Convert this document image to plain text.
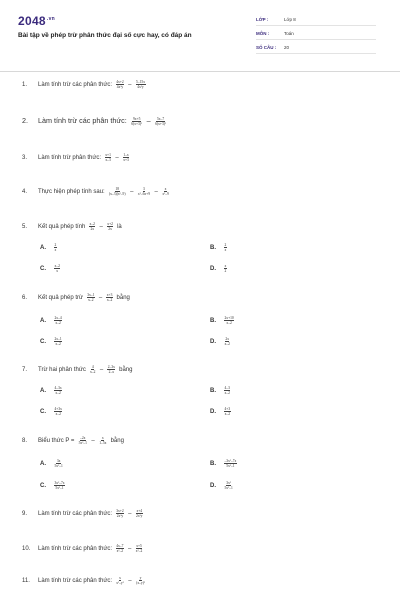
$2048^{.vn}$
Bài tập về phép trừ phân thức đại số cực hay, có đáp án
LỚP :	Lớp 8
MÔN :	Toán
SỐ CÂU : 20
1. Làm tính trừ các phân thức: $\frac{4x+2}{\text{4x²y}} - \frac{5-15x}{\text{4x²y}}$
2. Làm tính trừ các phân thức: $\frac{9x+5}{\text{6(x+3)²}} - \frac{5x-7}{\text{6(x+3)²}}$
3. Làm tính trừ phân thức: $\frac{x+1}{x-3} - \frac{1-x}{x+3}$
4. Thực hiện phép tính sau: $\frac{18}{\text{(x–3)(x²–9)}} - \frac{3}{\text{x²–6x+9}} - \frac{x}{\text{x²–9}}$
5. Kết quả phép tính $\frac{x-2}{2x} - \frac{x+2}{2x}$ là
A. $\frac{2}{x}$	B. $\frac{2}{x}$
C. $\frac{x-2}{x}$	D. $\frac{x}{2}$
6. Kết quả phép trừ $\frac{3x-1}{x-2} - \frac{x+3}{x-2}$ bằng
A. $\frac{2x-4}{x-2}$	B. $\frac{2x+10}{x-2}$
C. $\frac{2x-1}{x-2}$	D. $\frac{2x}{x-2}$
7. Trừ hai phân thức $\frac{4}{x-2} - \frac{2-3x}{2-x}$ bằng
A. $\frac{4-3x}{x-2}$	B. $\frac{4-3}{x-2}$
C. $\frac{4+3x}{x-2}$	D. $\frac{4+3}{x-2}$
8. Biểu thức $P = \frac{-2x}{\text{5x²–1}} - \frac{x}{1-5x}$ bằng
A. $\frac{3x}{\text{5x²–1}}$	B. $\frac{\text{–3x²–7x}}{\text{5x²–1}}$
C. $\frac{\text{3x²–7x}}{\text{5x²–1}}$	D. $\frac{\text{3x²}}{\text{5x²–1}}$
9. Làm tính trừ các phân thức: $\frac{3x+2}{\text{2x²y}} - \frac{x+4}{\text{2x²y}}$
10. Làm tính trừ các phân thức: $\frac{4x-7}{\text{x²–2}} - \frac{x+5}{\text{x²–2}}$
11. Làm tính trừ các phân thức: $\frac{x}{\text{x²–y²}} - \frac{y}{\text{(x–y)²}}$
